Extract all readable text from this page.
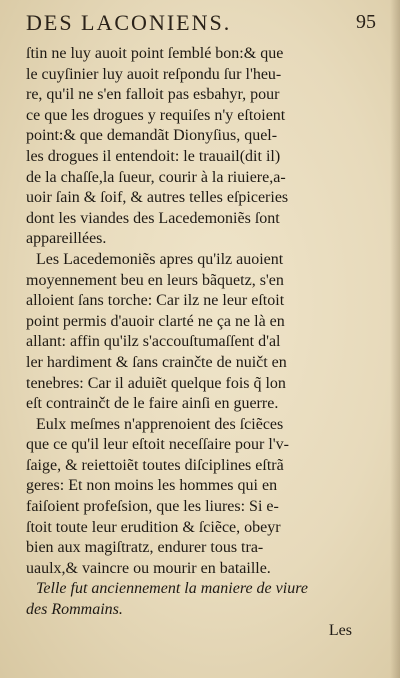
DES LACONIENS.	95
ſtin ne luy auoit point ſemblé bon:& que
le cuyſinier luy auoit reſpondu ſur l'heu-
re, qu'il ne s'en falloit pas esbahyr, pour
ce que les drogues y requiſes n'y eſtoient
point:& que demandãt Dionyſius, quel-
les drogues il entendoit: le trauail(dit il)
de la chaſſe,la ſueur, courir à la riuiere,a-
uoir ſain & ſoif, & autres telles eſpiceries
dont les viandes des Lacedemoniẽs ſont
appareillées.
Les Lacedemoniẽs apres qu'ilz auoient
moyennement beu en leurs bãquetz, s'en
alloient ſans torche: Car ilz ne leur eſtoit
point permis d'auoir clarté ne ça ne là en
allant: affin qu'ilz s'accouſtumaſſent d'al
ler hardiment & ſans crainčte de nuičt en
tenebres: Car il aduiẽt quelque fois q̃ lon
eſt contrainčt de le faire ainſi en guerre.
Eulx meſmes n'apprenoient des ſciẽces
que ce qu'il leur eſtoit neceſſaire pour l'v-
ſaige, & reiettoiẽt toutes diſciplines eſtrã
geres: Et non moins les hommes qui en
faiſoient profeſsion, que les liures: Si e-
ſtoit toute leur erudition & ſciẽce, obeyr
bien aux magiſtratz, endurer tous tra-
uaulx,& vaincre ou mourir en bataille.
Telle fut anciennement la maniere de viure
des Rommains.
Les
